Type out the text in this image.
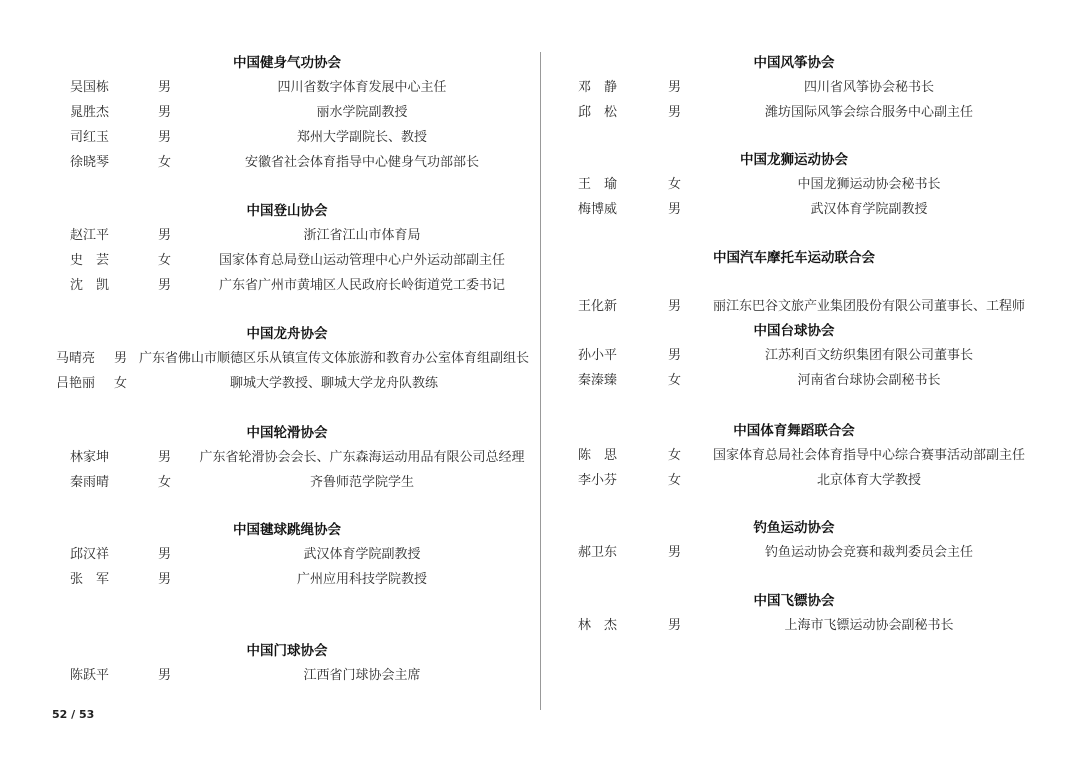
52 / 53
中国健身气功协会
吴国栋	男	四川省数字体育发展中心主任
晁胜杰	男	丽水学院副教授
司红玉	男	郑州大学副院长、教授
徐晓琴	女	安徽省社会体育指导中心健身气功部部长
中国登山协会
赵江平	男	浙江省江山市体育局
史　芸	女	国家体育总局登山运动管理中心户外运动部副主任
沈　凯	男	广东省广州市黄埔区人民政府长岭街道党工委书记
中国龙舟协会
马晴亮 男 广东省佛山市顺德区乐从镇宣传文体旅游和教育办公室体育组副组长
吕艳丽 女	聊城大学教授、聊城大学龙舟队教练
中国轮滑协会
林家坤	男 广东省轮滑协会会长、广东森海运动用品有限公司总经理
秦雨晴	女	齐鲁师范学院学生
中国毽球跳绳协会
邱汉祥	男	武汉体育学院副教授
张　军	男	广州应用科技学院教授
中国门球协会
陈跃平	男	江西省门球协会主席
中国风筝协会
邓　静	男	四川省风筝协会秘书长
邱　松	男	潍坊国际风筝会综合服务中心副主任
中国龙狮运动协会
王　瑜	女	中国龙狮运动协会秘书长
梅博威	男	武汉体育学院副教授
中国汽车摩托车运动联合会
王化新	男 丽江东巴谷文旅产业集团股份有限公司董事长、工程师
中国台球协会
孙小平	男	江苏利百文纺织集团有限公司董事长
秦溱臻	女	河南省台球协会副秘书长
中国体育舞蹈联合会
陈　思	女 国家体育总局社会体育指导中心综合赛事活动部副主任
李小芬	女	北京体育大学教授
钓鱼运动协会
郝卫东	男	钓鱼运动协会竞赛和裁判委员会主任
中国飞镖协会
林　杰	男	上海市飞镖运动协会副秘书长
